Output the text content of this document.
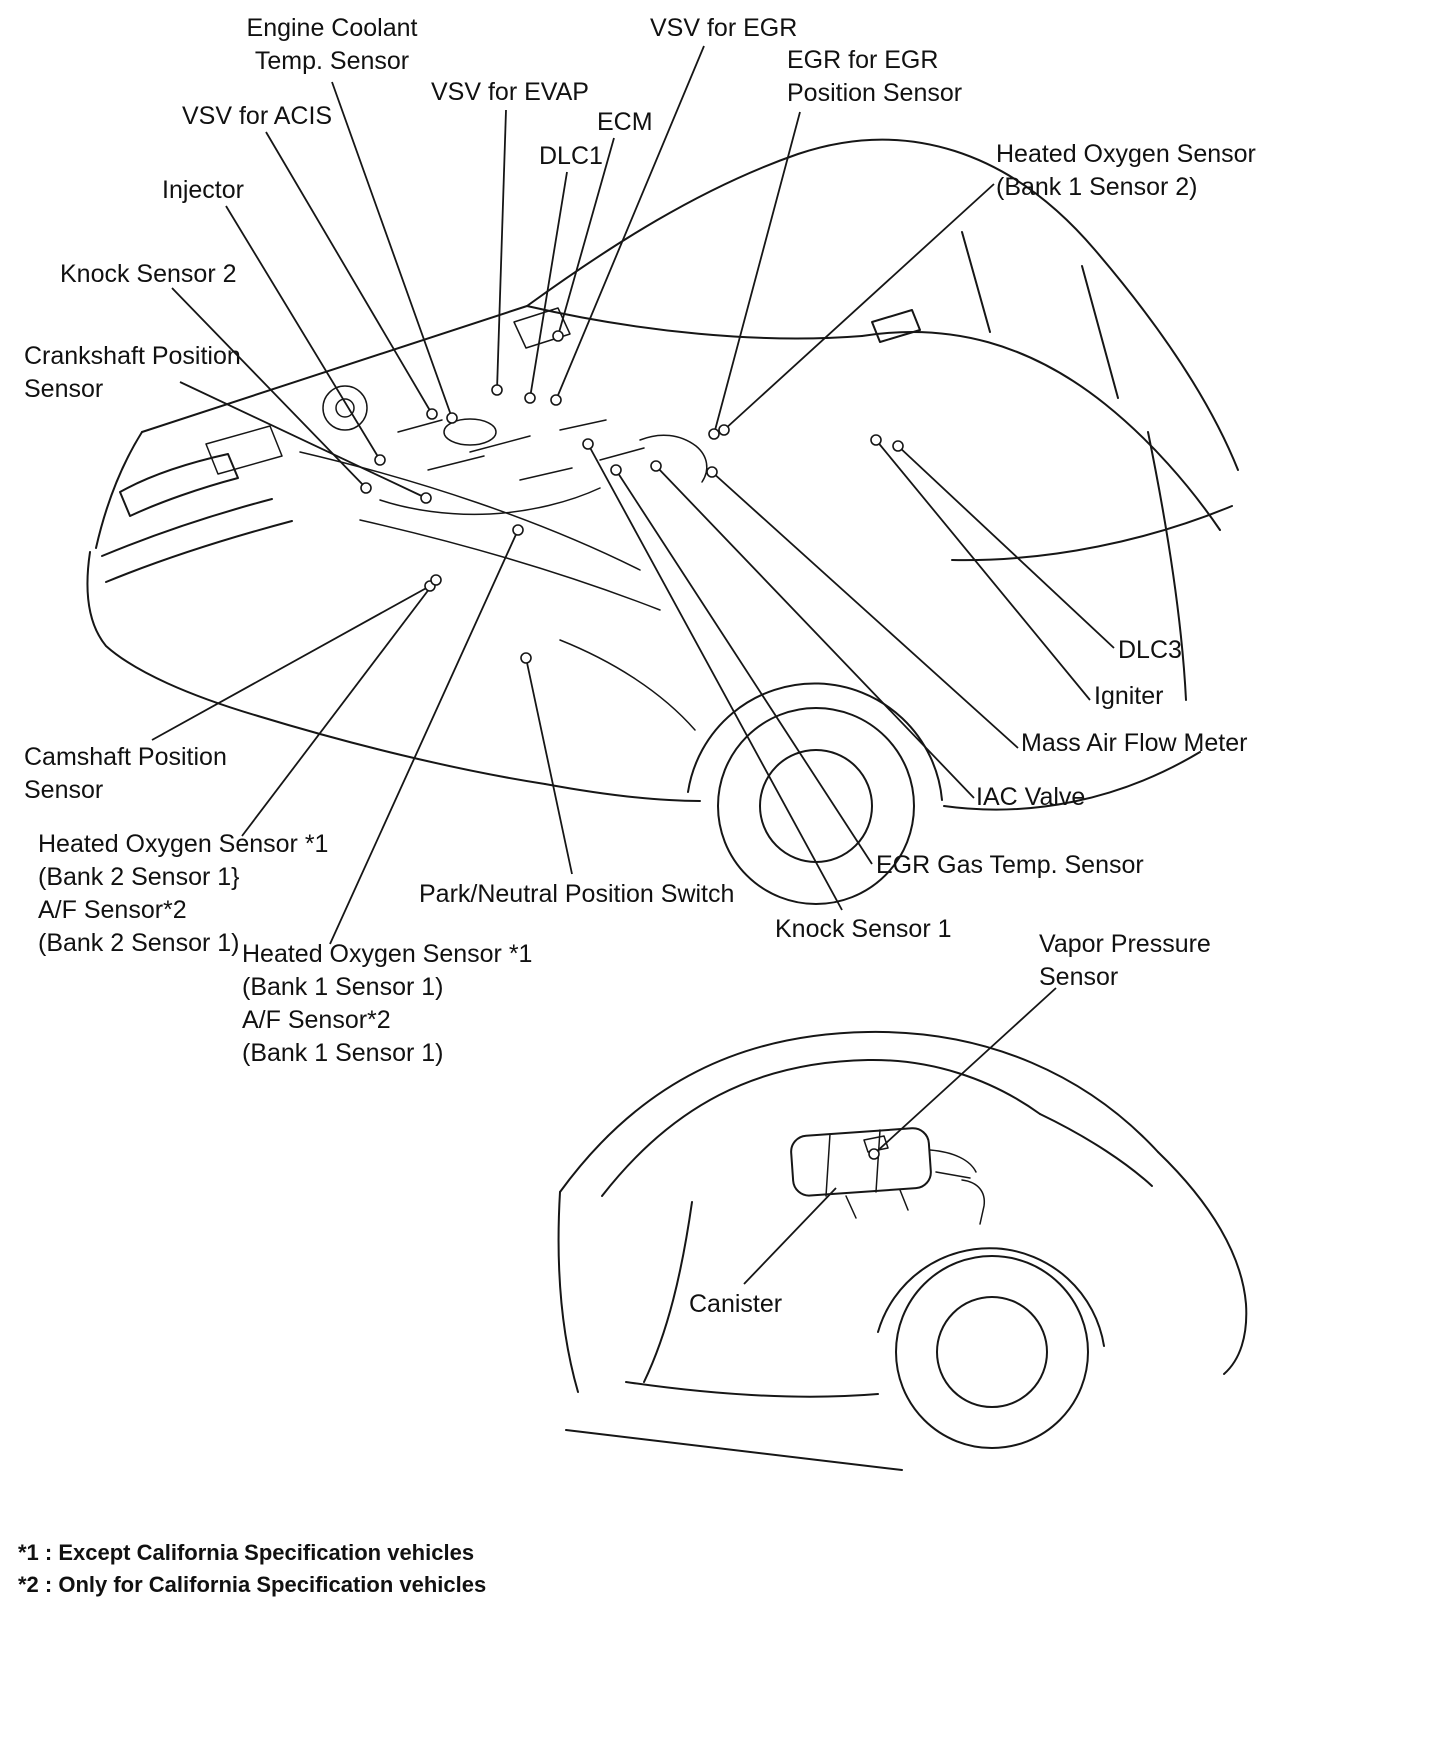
Engine Coolant
Temp. Sensor
VSV for EGR
EGR for EGR
Position Sensor
VSV for EVAP
ECM
DLC1
VSV for ACIS
Injector
Heated Oxygen Sensor
(Bank 1 Sensor 2)
Knock Sensor 2
Crankshaft Position
Sensor
DLC3
Igniter
Mass Air Flow Meter
IAC Valve
Camshaft Position
Sensor
EGR Gas Temp. Sensor
Park/Neutral Position Switch
Knock Sensor 1
Heated Oxygen Sensor *1
(Bank 2 Sensor 1}
A/F Sensor*2
(Bank 2 Sensor 1) Heated Oxygen Sensor *1
(Bank 1 Sensor 1)
A/F Sensor*2
(Bank 1 Sensor 1)
Vapor Pressure
Sensor
Canister
*1 : Except California Specification vehicles
*2 : Only for California Specification vehicles
